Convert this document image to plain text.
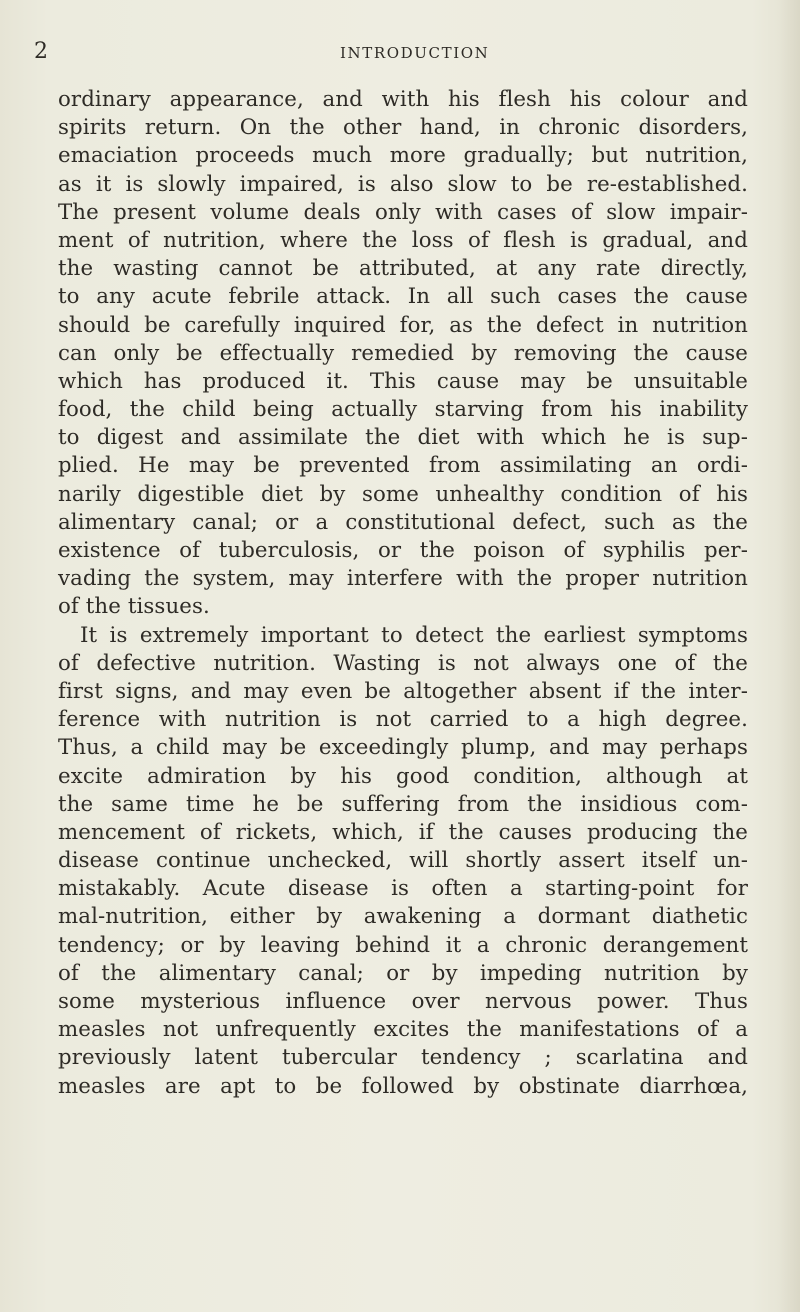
2	INTRODUCTION
ordinary appearance, and with his flesh his colour and
spirits return. On the other hand, in chronic disorders,
emaciation proceeds much more gradually; but nutrition,
as it is slowly impaired, is also slow to be re-established.
The present volume deals only with cases of slow impair-
ment of nutrition, where the loss of flesh is gradual, and
the wasting cannot be attributed, at any rate directly,
to any acute febrile attack. In all such cases the cause
should be carefully inquired for, as the defect in nutrition
can only be effectually remedied by removing the cause
which has produced it. This cause may be unsuitable
food, the child being actually starving from his inability
to digest and assimilate the diet with which he is sup-
plied. He may be prevented from assimilating an ordi-
narily digestible diet by some unhealthy condition of his
alimentary canal; or a constitutional defect, such as the
existence of tuberculosis, or the poison of syphilis per-
vading the system, may interfere with the proper nutrition
of the tissues.
It is extremely important to detect the earliest symptoms
of defective nutrition. Wasting is not always one of the
first signs, and may even be altogether absent if the inter-
ference with nutrition is not carried to a high degree.
Thus, a child may be exceedingly plump, and may perhaps
excite admiration by his good condition, although at
the same time he be suffering from the insidious com-
mencement of rickets, which, if the causes producing the
disease continue unchecked, will shortly assert itself un-
mistakably. Acute disease is often a starting-point for
mal-nutrition, either by awakening a dormant diathetic
tendency; or by leaving behind it a chronic derangement
of the alimentary canal; or by impeding nutrition by
some mysterious influence over nervous power. Thus
measles not unfrequently excites the manifestations of a
previously latent tubercular tendency ; scarlatina and
measles are apt to be followed by obstinate diarrhœa,
